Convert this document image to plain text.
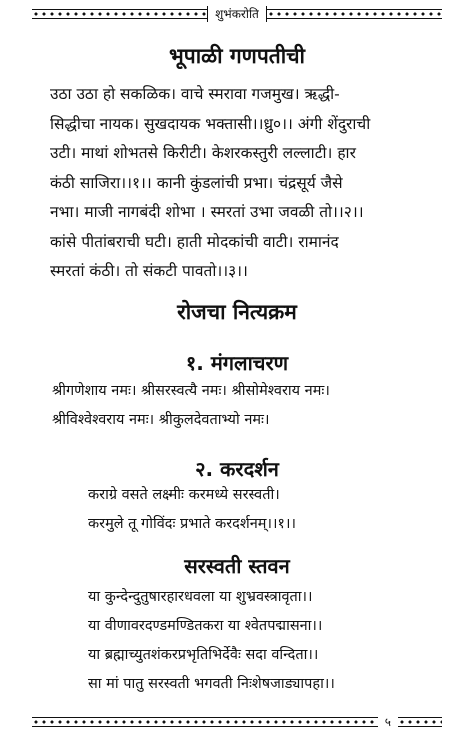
शुभंकरोति
भूपाळी गणपतीची
उठा उठा हो सकळिक। वाचे स्मरावा गजमुख। ऋद्धी-
सिद्धीचा नायक। सुखदायक भक्तासी।।ध्रु०।। अंगी शेंदुराची
उटी। माथां शोभतसे किरीटी। केशरकस्तुरी लल्लाटी। हार
कंठी साजिरा।।१।। कानी कुंडलांची प्रभा। चंद्रसूर्य जैसे
नभा। माजी नागबंदी शोभा । स्मरतां उभा जवळी तो।।२।।
कांसे पीतांबराची घटी। हाती मोदकांची वाटी। रामानंद
स्मरतां कंठी। तो संकटी पावतो।।३।।
रोजचा नित्यक्रम
१. मंगलाचरण
श्रीगणेशाय नमः। श्रीसरस्वत्यै नमः। श्रीसोमेश्वराय नमः।
श्रीविश्वेश्वराय नमः। श्रीकुलदेवताभ्यो नमः।
२. करदर्शन
कराग्रे वसते लक्ष्मीः करमध्ये सरस्वती।
करमुले तू गोविंदः प्रभाते करदर्शनम्।।१।।
सरस्वती स्तवन
या कुन्देन्दुतुषारहारधवला या शुभ्रवस्त्रावृता।।
या वीणावरदण्डमण्डितकरा या श्वेतपद्मासना।।
या ब्रह्माच्युतशंकरप्रभृतिभिर्देवैः सदा वन्दिता।।
सा मां पातु सरस्वती भगवती निःशेषजाड्यापहा।।
५
